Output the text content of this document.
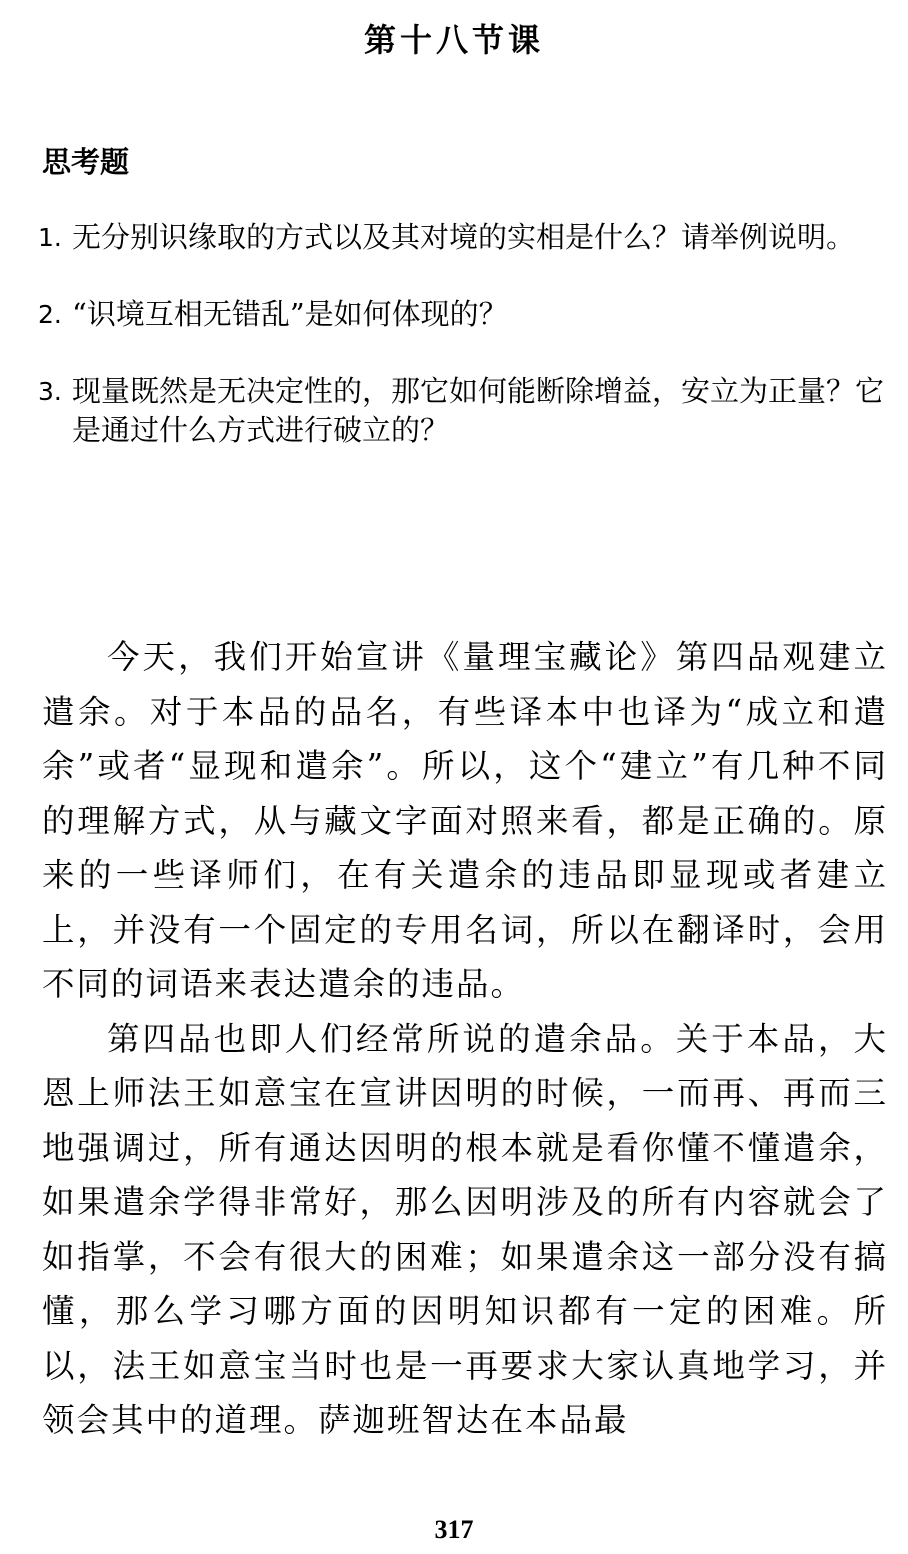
第十八节课
思考题
1. 无分别识缘取的方式以及其对境的实相是什么？请举例说明。
2. “识境互相无错乱”是如何体现的？
3. 现量既然是无决定性的，那它如何能断除增益，安立为正量？它是通过什么方式进行破立的？

今天，我们开始宣讲《量理宝藏论》第四品观建立遣余。对于本品的品名，有些译本中也译为“成立和遣余”或者“显现和遣余”。所以，这个“建立”有几种不同的理解方式，从与藏文字面对照来看，都是正确的。原来的一些译师们，在有关遣余的违品即显现或者建立上，并没有一个固定的专用名词，所以在翻译时，会用不同的词语来表达遣余的违品。

第四品也即人们经常所说的遣余品。关于本品，大恩上师法王如意宝在宣讲因明的时候，一而再、再而三地强调过，所有通达因明的根本就是看你懂不懂遣余，如果遣余学得非常好，那么因明涉及的所有内容就会了如指掌，不会有很大的困难；如果遣余这一部分没有搞懂，那么学习哪方面的因明知识都有一定的困难。所以，法王如意宝当时也是一再要求大家认真地学习，并领会其中的道理。萨迦班智达在本品最

317
